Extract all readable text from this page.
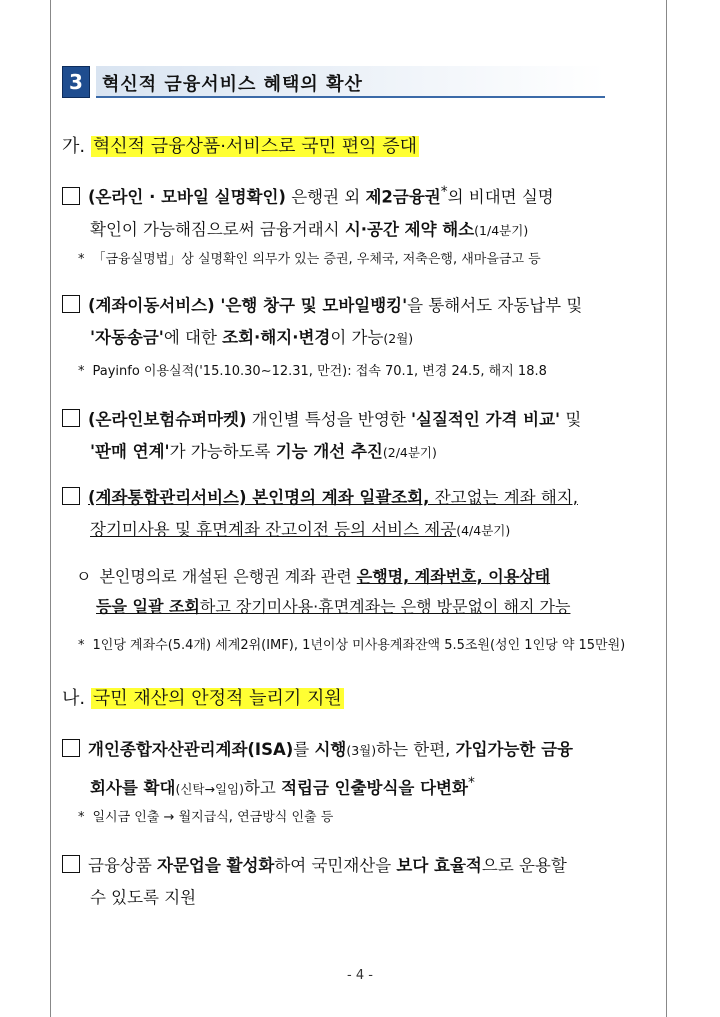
3	혁신적 금융서비스 혜택의 확산
가. 혁신적 금융상품·서비스로 국민 편익 증대
(온라인 · 모바일 실명확인) 은행권 외 제2금융권*의 비대면 실명
확인이 가능해짐으로써 금융거래시 시·공간 제약 해소(1/4분기)
* 「금융실명법」상 실명확인 의무가 있는 증권, 우체국, 저축은행, 새마을금고 등
(계좌이동서비스) '은행 창구 및 모바일뱅킹'을 통해서도 자동납부 및
'자동송금'에 대한 조회·해지·변경이 가능(2월)
* Payinfo 이용실적('15.10.30∼12.31, 만건): 접속 70.1, 변경 24.5, 해지 18.8
(온라인보험슈퍼마켓) 개인별 특성을 반영한 '실질적인 가격 비교' 및
'판매 연계'가 가능하도록 기능 개선 추진(2/4분기)
(계좌통합관리서비스) 본인명의 계좌 일괄조회, 잔고없는 계좌 해지,
장기미사용 및 휴면계좌 잔고이전 등의 서비스 제공(4/4분기)
ㅇ 본인명의로 개설된 은행권 계좌 관련 은행명, 계좌번호, 이용상태
등을 일괄 조회하고 장기미사용·휴면계좌는 은행 방문없이 해지 가능
* 1인당 계좌수(5.4개) 세계2위(IMF), 1년이상 미사용계좌잔액 5.5조원(성인 1인당 약 15만원)
나. 국민 재산의 안정적 늘리기 지원
개인종합자산관리계좌(ISA)를 시행(3월)하는 한편, 가입가능한 금융
회사를 확대(신탁→일임)하고 적립금 인출방식을 다변화*
* 일시금 인출 → 월지급식, 연금방식 인출 등
금융상품 자문업을 활성화하여 국민재산을 보다 효율적으로 운용할
수 있도록 지원
- 4 -
